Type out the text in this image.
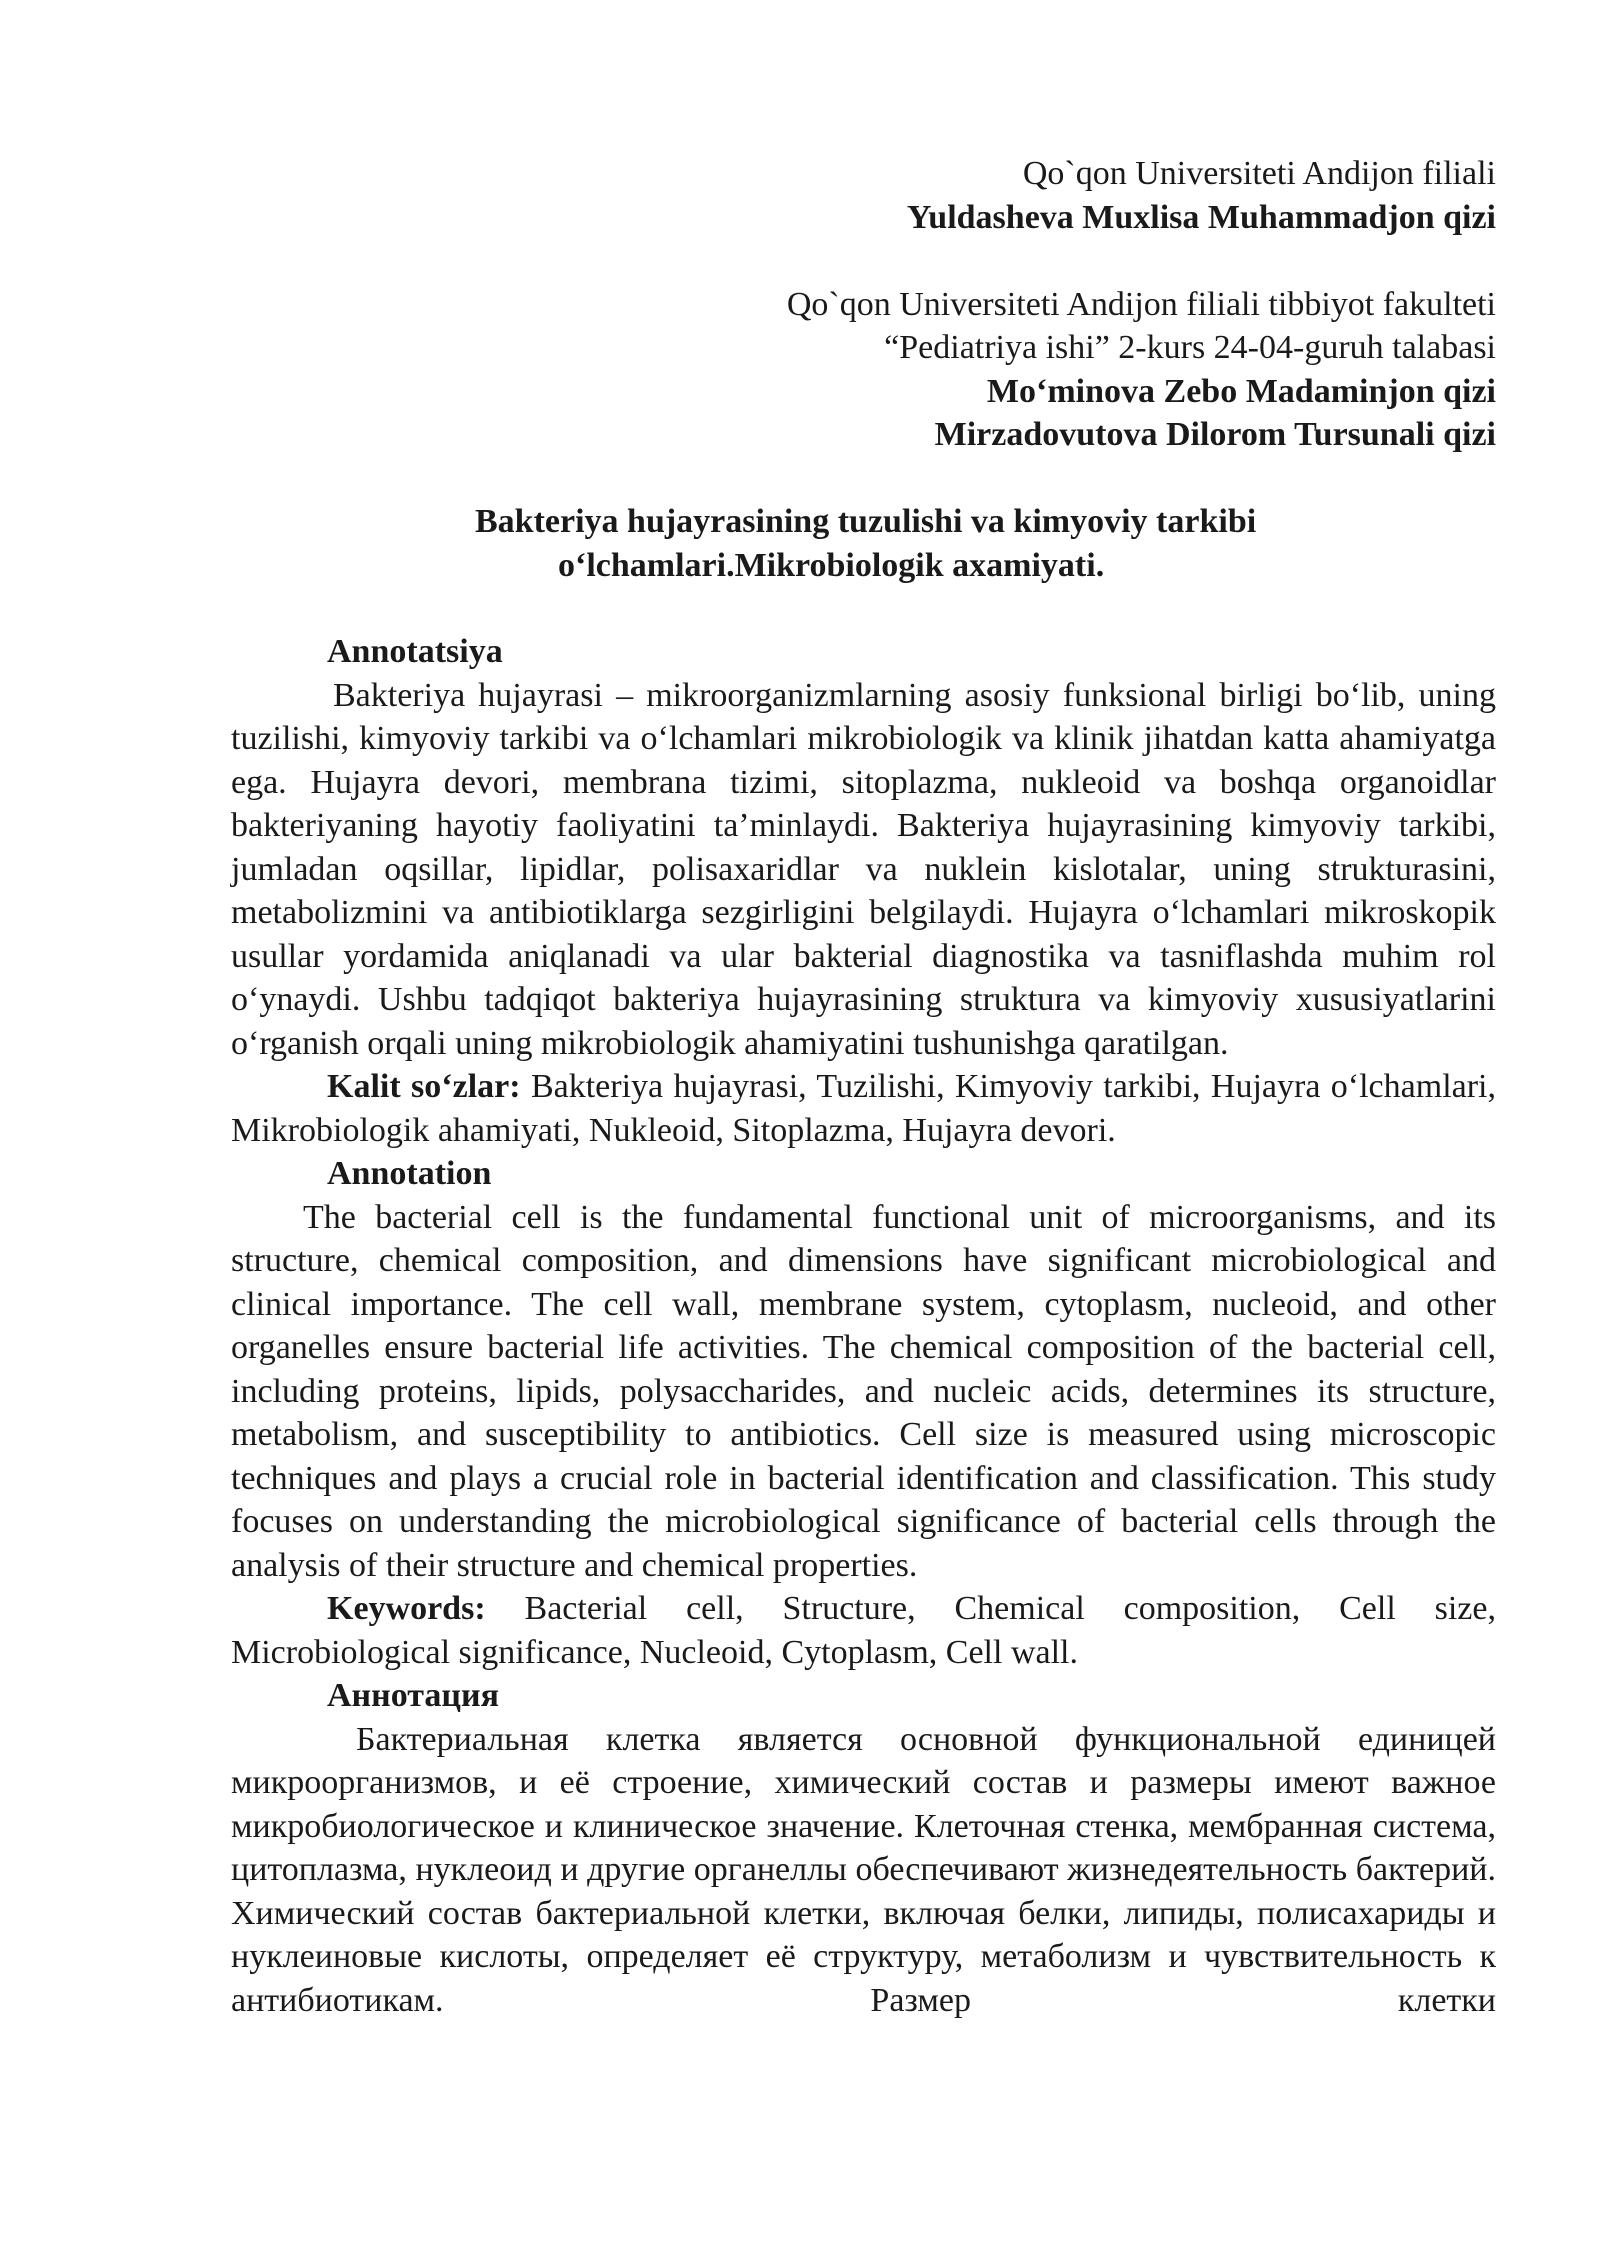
Qo`qon Universiteti Andijon filiali
Yuldasheva Muxlisa Muhammadjon qizi
Qo`qon Universiteti Andijon filiali tibbiyot fakulteti
“Pediatriya ishi” 2-kurs 24-04-guruh talabasi
Mo‘minova Zebo Madaminjon qizi
Mirzadovutova Dilorom Tursunali qizi
Bakteriya hujayrasining tuzulishi va kimyoviy tarkibi
o‘lchamlari.Mikrobiologik axamiyati.
Annotatsiya

Bakteriya hujayrasi – mikroorganizmlarning asosiy funksional birligi bo‘lib, uning tuzilishi, kimyoviy tarkibi va o‘lchamlari mikrobiologik va klinik jihatdan katta ahamiyatga ega. Hujayra devori, membrana tizimi, sitoplazma, nukleoid va boshqa organoidlar bakteriyaning hayotiy faoliyatini ta’minlaydi. Bakteriya hujayrasining kimyoviy tarkibi, jumladan oqsillar, lipidlar, polisaxaridlar va nuklein kislotalar, uning strukturasini, metabolizmini va antibiotiklarga sezgirligini belgilaydi. Hujayra o‘lchamlari mikroskopik usullar yordamida aniqlanadi va ular bakterial diagnostika va tasniflashda muhim rol o‘ynaydi. Ushbu tadqiqot bakteriya hujayrasining struktura va kimyoviy xususiyatlarini o‘rganish orqali uning mikrobiologik ahamiyatini tushunishga qaratilgan.

Kalit so‘zlar: Bakteriya hujayrasi, Tuzilishi, Kimyoviy tarkibi, Hujayra o‘lchamlari, Mikrobiologik ahamiyati, Nukleoid, Sitoplazma, Hujayra devori.

Annotation

The bacterial cell is the fundamental functional unit of microorganisms, and its structure, chemical composition, and dimensions have significant microbiological and clinical importance. The cell wall, membrane system, cytoplasm, nucleoid, and other organelles ensure bacterial life activities. The chemical composition of the bacterial cell, including proteins, lipids, polysaccharides, and nucleic acids, determines its structure, metabolism, and susceptibility to antibiotics. Cell size is measured using microscopic techniques and plays a crucial role in bacterial identification and classification. This study focuses on understanding the microbiological significance of bacterial cells through the analysis of their structure and chemical properties.

Keywords: Bacterial cell, Structure, Chemical composition, Cell size, Microbiological significance, Nucleoid, Cytoplasm, Cell wall.

Аннотация

Бактериальная клетка является основной функциональной единицей микроорганизмов, и её строение, химический состав и размеры имеют важное микробиологическое и клиническое значение. Клеточная стенка, мембранная система, цитоплазма, нуклеоид и другие органеллы обеспечивают жизнедеятельность бактерий. Химический состав бактериальной клетки, включая белки, липиды, полисахариды и нуклеиновые кислоты, определяет её структуру, метаболизм и чувствительность к антибиотикам. Размер клетки
